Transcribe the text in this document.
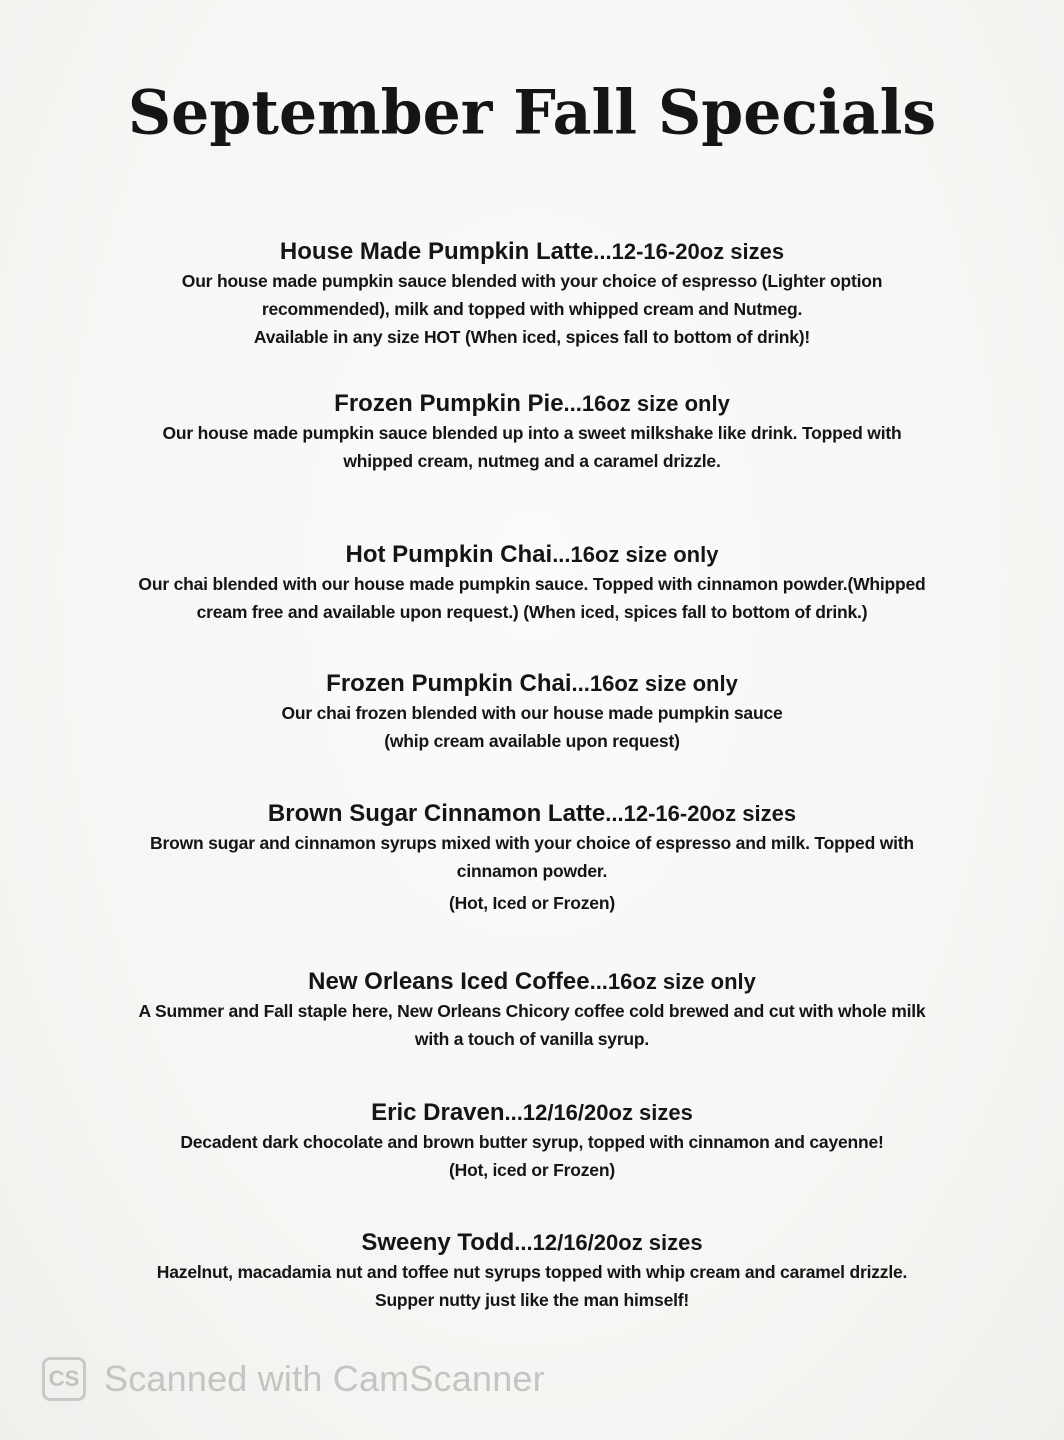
September Fall Specials

House Made Pumpkin Latte...12-16-20oz sizes

Our house made pumpkin sauce blended with your choice of espresso (Lighter option
recommended), milk and topped with whipped cream and Nutmeg.
Available in any size HOT (When iced, spices fall to bottom of drink)!

Frozen Pumpkin Pie...16oz size only

Our house made pumpkin sauce blended up into a sweet milkshake like drink. Topped with
whipped cream, nutmeg and a caramel drizzle.

Hot Pumpkin Chai...16oz size only

Our chai blended with our house made pumpkin sauce. Topped with cinnamon powder.(Whipped
cream free and available upon request.) (When iced, spices fall to bottom of drink.)

Frozen Pumpkin Chai...16oz size only

Our chai frozen blended with our house made pumpkin sauce
(whip cream available upon request)

Brown Sugar Cinnamon Latte...12-16-20oz sizes

Brown sugar and cinnamon syrups mixed with your choice of espresso and milk. Topped with
cinnamon powder.
(Hot, Iced or Frozen)

New Orleans Iced Coffee...16oz size only

A Summer and Fall staple here, New Orleans Chicory coffee cold brewed and cut with whole milk
with a touch of vanilla syrup.

Eric Draven...12/16/20oz sizes

Decadent dark chocolate and brown butter syrup, topped with cinnamon and cayenne!
(Hot, iced or Frozen)

Sweeny Todd...12/16/20oz sizes

Hazelnut, macadamia nut and toffee nut syrups topped with whip cream and caramel drizzle.
Supper nutty just like the man himself!
CS Scanned with CamScanner
